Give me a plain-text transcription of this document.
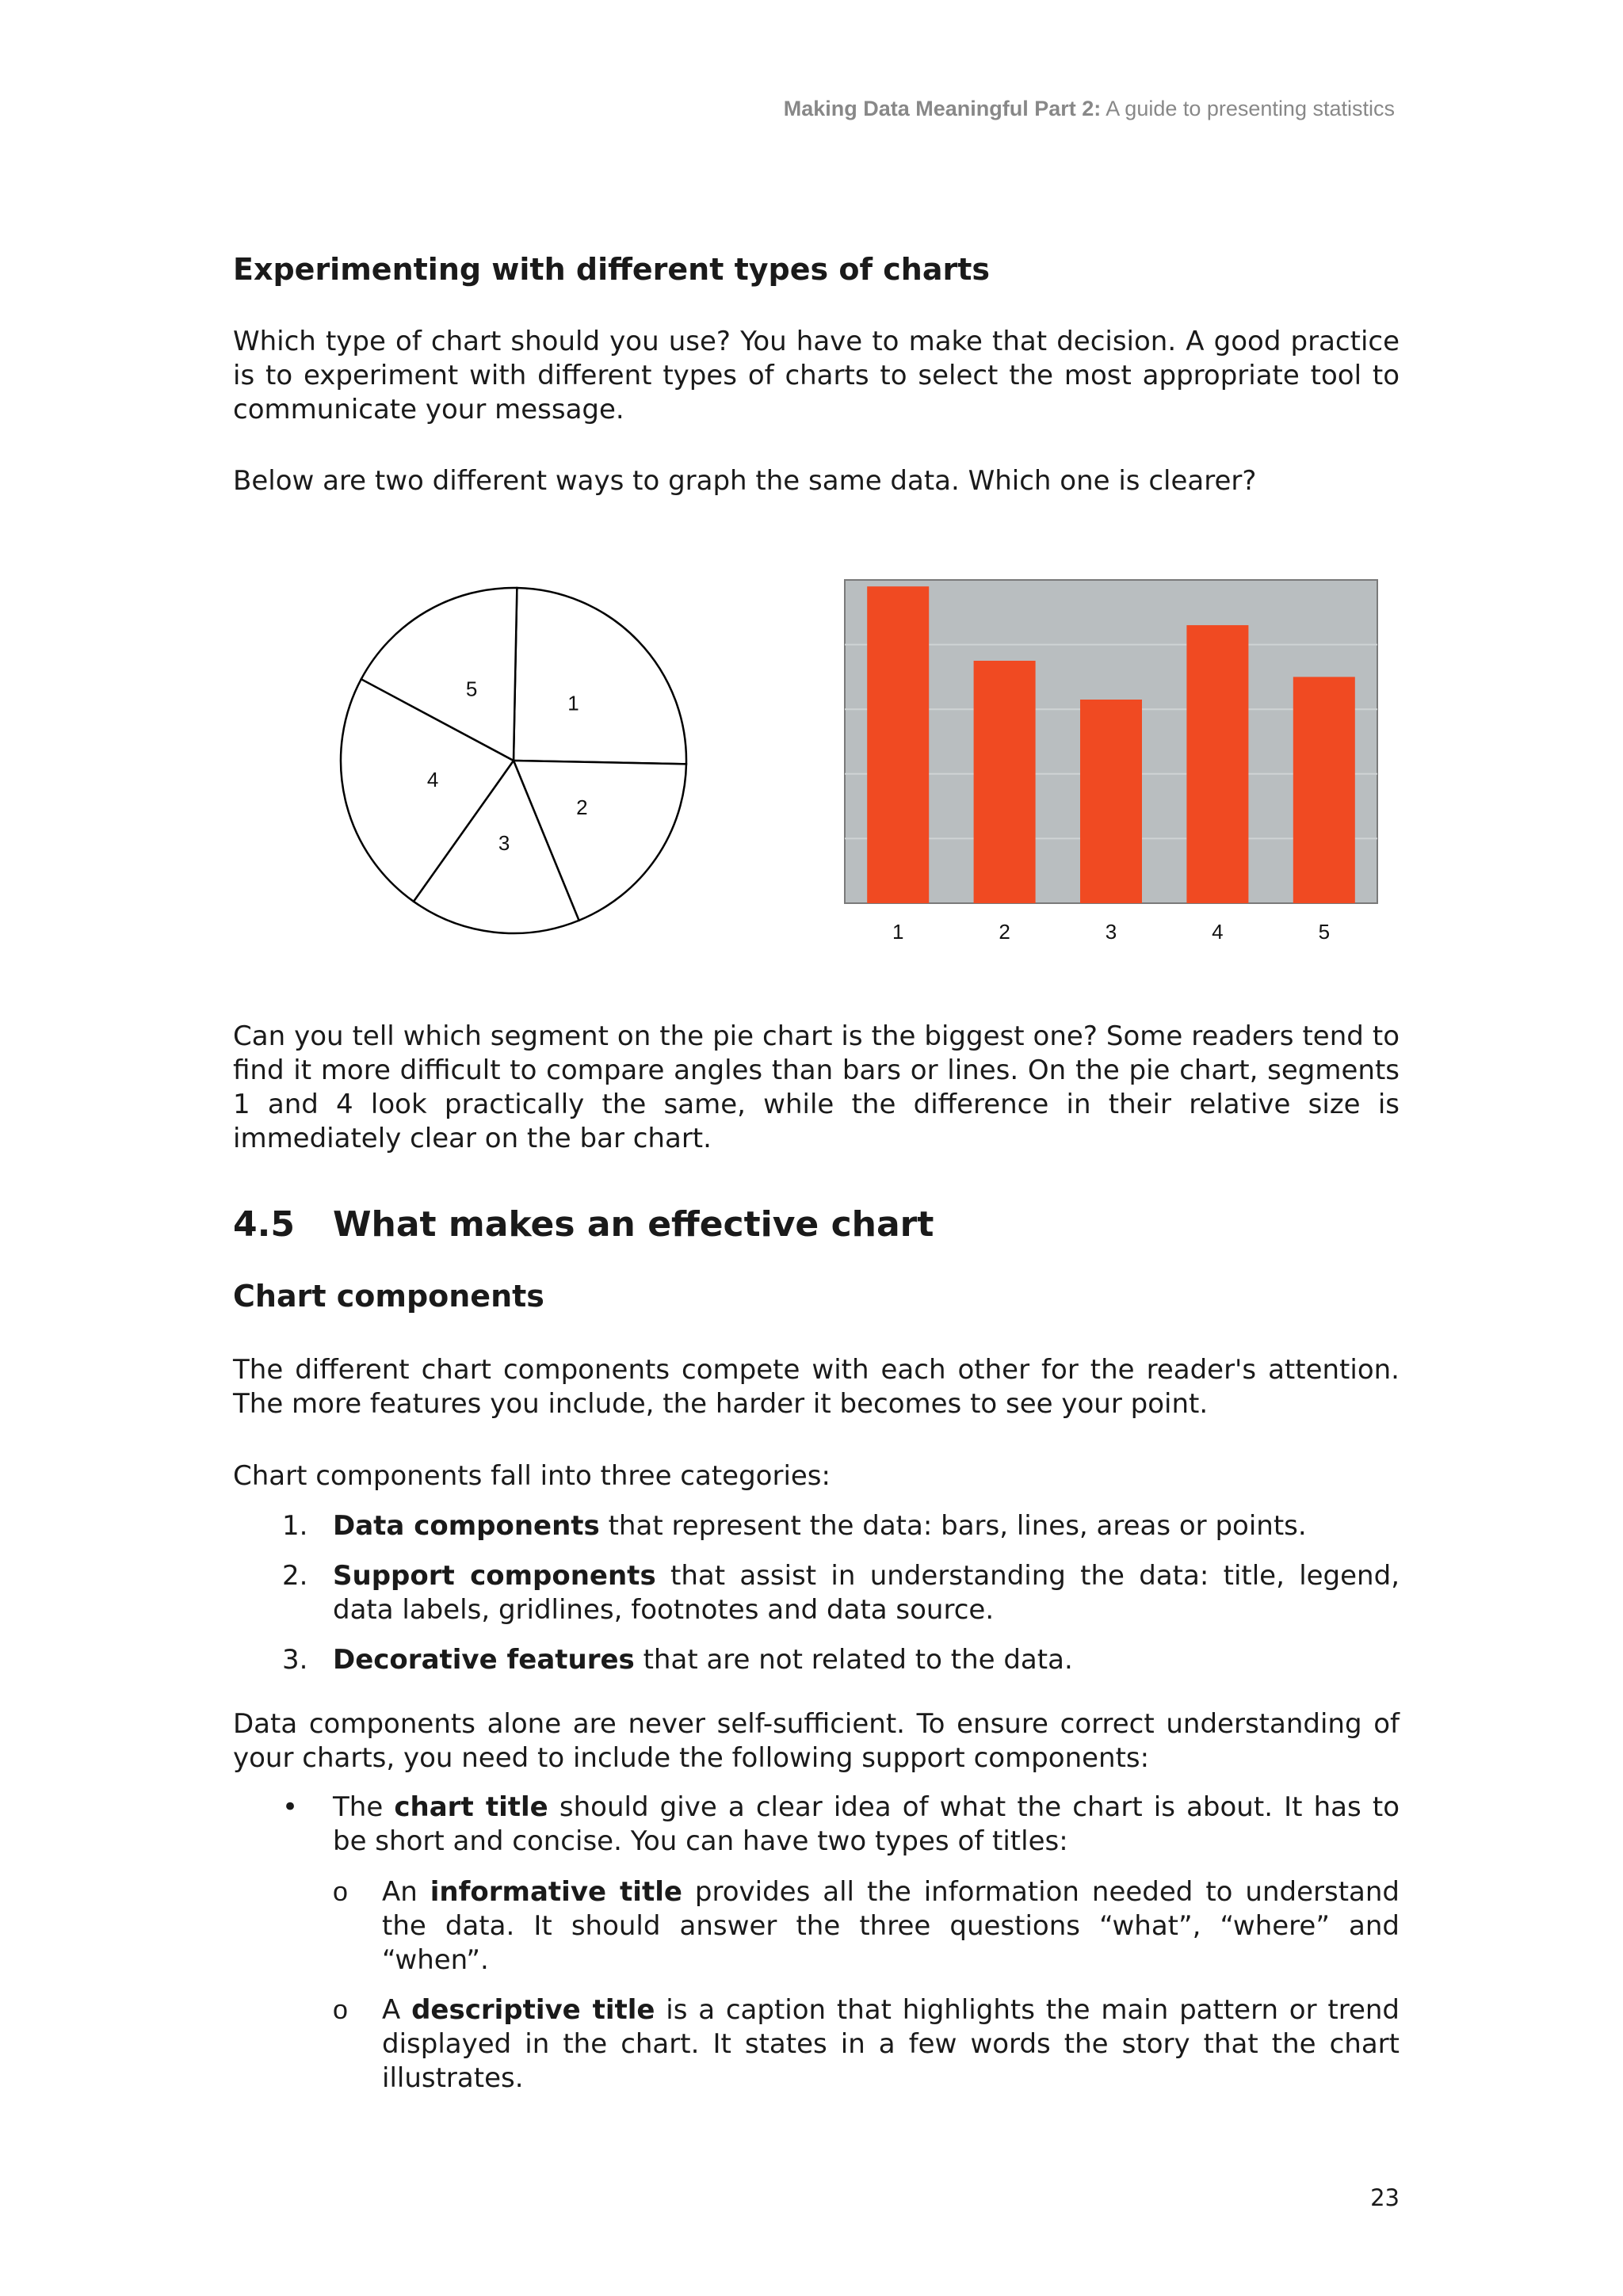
Making Data Meaningful Part 2: A guide to presenting statistics

Experimenting with different types of charts

Which type of chart should you use? You have to make that decision. A good practice is to experiment with different types of charts to select the most appropriate tool to communicate your message.

Below are two different ways to graph the same data. Which one is clearer?

1
2
3
4
5
1	2	3	4	5

Can you tell which segment on the pie chart is the biggest one? Some readers tend to find it more difficult to compare angles than bars or lines. On the pie chart, segments 1 and 4 look practically the same, while the difference in their relative size is immediately clear on the bar chart.

4.5 What makes an effective chart

Chart components

The different chart components compete with each other for the reader's attention. The more features you include, the harder it becomes to see your point.

Chart components fall into three categories:

1. Data components that represent the data: bars, lines, areas or points.
2. Support components that assist in understanding the data: title, legend, data labels, gridlines, footnotes and data source.
3. Decorative features that are not related to the data.

Data components alone are never self-sufficient. To ensure correct understanding of your charts, you need to include the following support components:

•	The chart title should give a clear idea of what the chart is about. It has to be short and concise. You can have two types of titles:
o	An informative title provides all the information needed to understand the data. It should answer the three questions “what”, “where” and “when”.
o	A descriptive title is a caption that highlights the main pattern or trend displayed in the chart. It states in a few words the story that the chart illustrates.
23
